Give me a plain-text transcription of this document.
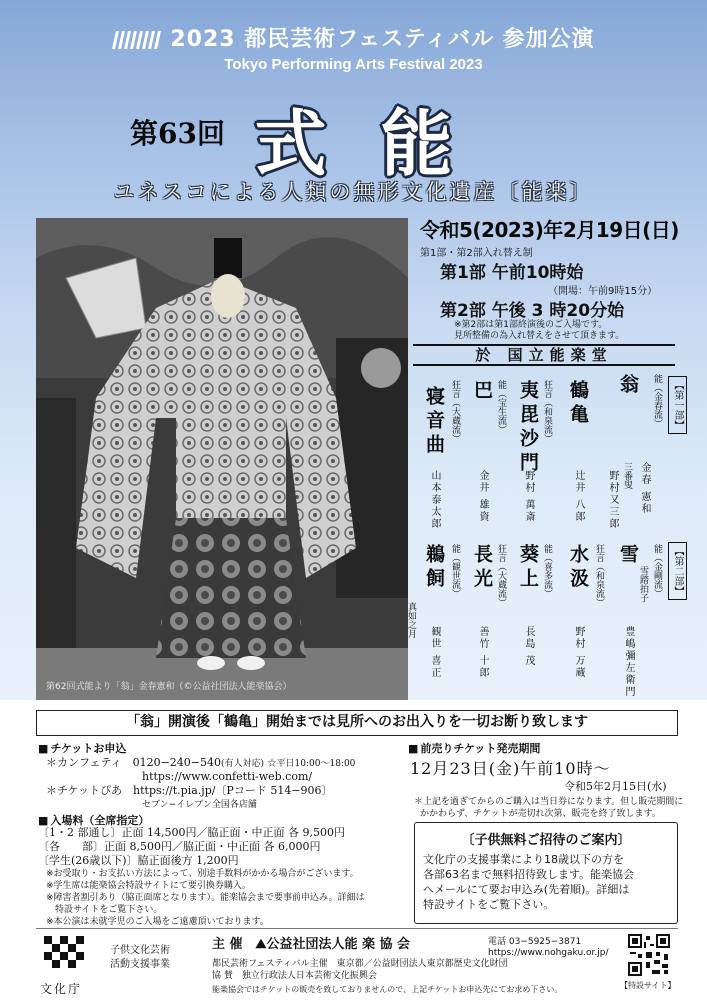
2023 都民芸術フェスティバル 参加公演
Tokyo Performing Arts Festival 2023
第63回 式能
ユネスコによる人類の無形文化遺産〔能楽〕
第62回式能より「翁」金春憲和（©公益社団法人能楽協会）
令和5(2023)年2月19日(日)
第1部・第2部入れ替え制
第1部 午前10時始
（開場：午前9時15分）
第2部 午後 3 時20分始
※第2部は第1部終演後のご入場です。
見所整備の為入れ替えをさせて頂きます。
於 国立能楽堂
【第一部】
【第二部】
能（金春流）
翁
金春 憲和
三番叟
野村又三郎
鶴亀
辻井 八郎
狂言（和泉流）
夷毘沙門
野村 萬斎
能（宝生流）
巴
金井 雄資
狂言（大蔵流）
寝音曲
山本泰太郎
能（金剛流）
雪
雪踏拍子
豊嶋彌左衛門
狂言（和泉流）
水汲
野村 万蔵
能（喜多流）
葵上
長島 茂
狂言（大蔵流）
長光
善竹 十郎
能（観世流）
鵜飼
真如之月
観世 喜正
「翁」開演後「鶴亀」開始までは見所へのお出入りを一切お断り致します
■ チケットお申込
＊カンフェティ　 0120−240−540(有人対応) ☆平日10:00～18:00
https://www.confetti-web.com/
＊チケットぴあ　 https://t.pia.jp/〔Pコード 514−906〕
セブン−イレブン全国各店舗
■ 入場料（全席指定）
〔1・2 部通し〕正面 14,500円／脇正面・中正面 各 9,500円
〔各　　部〕正面 8,500円／脇正面・中正面 各 6,000円
〔学生(26歳以下)〕脇正面後方 1,200円
※お受取り・お支払い方法によって、別途手数料がかかる場合がございます。
※学生席は能楽協会特設サイトにて要引換券購入。
※障害者割引あり（脇正面席となります）。能楽協会まで要事前申込み。詳細は
　特設サイトをご覧下さい。
※本公演は未就学児のご入場をご遠慮頂いております。
■ 前売りチケット発売期間
12月23日(金)午前10時～
令和5年2月15日(水)
＊上記を過ぎてからのご購入は当日券になります。但し販売期間に
かかわらず、チケットが売切れ次第、販売を終了致します。
〔子供無料ご招待のご案内〕
文化庁の支援事業により18歳以下の方を
各部63名まで無料招待致します。能楽協会
へメールにて要お申込み(先着順)。詳細は
特設サイトをご覧下さい。
文化庁
子供文化芸術
活動支援事業
主 催　 ⛰公益社団法人能 楽 協 会	電話 03−5925−3871
https://www.nohgaku.or.jp/
都民芸術フェスティバル主催　東京都／公益財団法人東京都歴史文化財団
協 賛　 独立行政法人日本芸術文化振興会
能楽協会ではチケットの販売を致しておりませんので、上記チケットお申込先にてお求め下さい。	【特設サイト】
